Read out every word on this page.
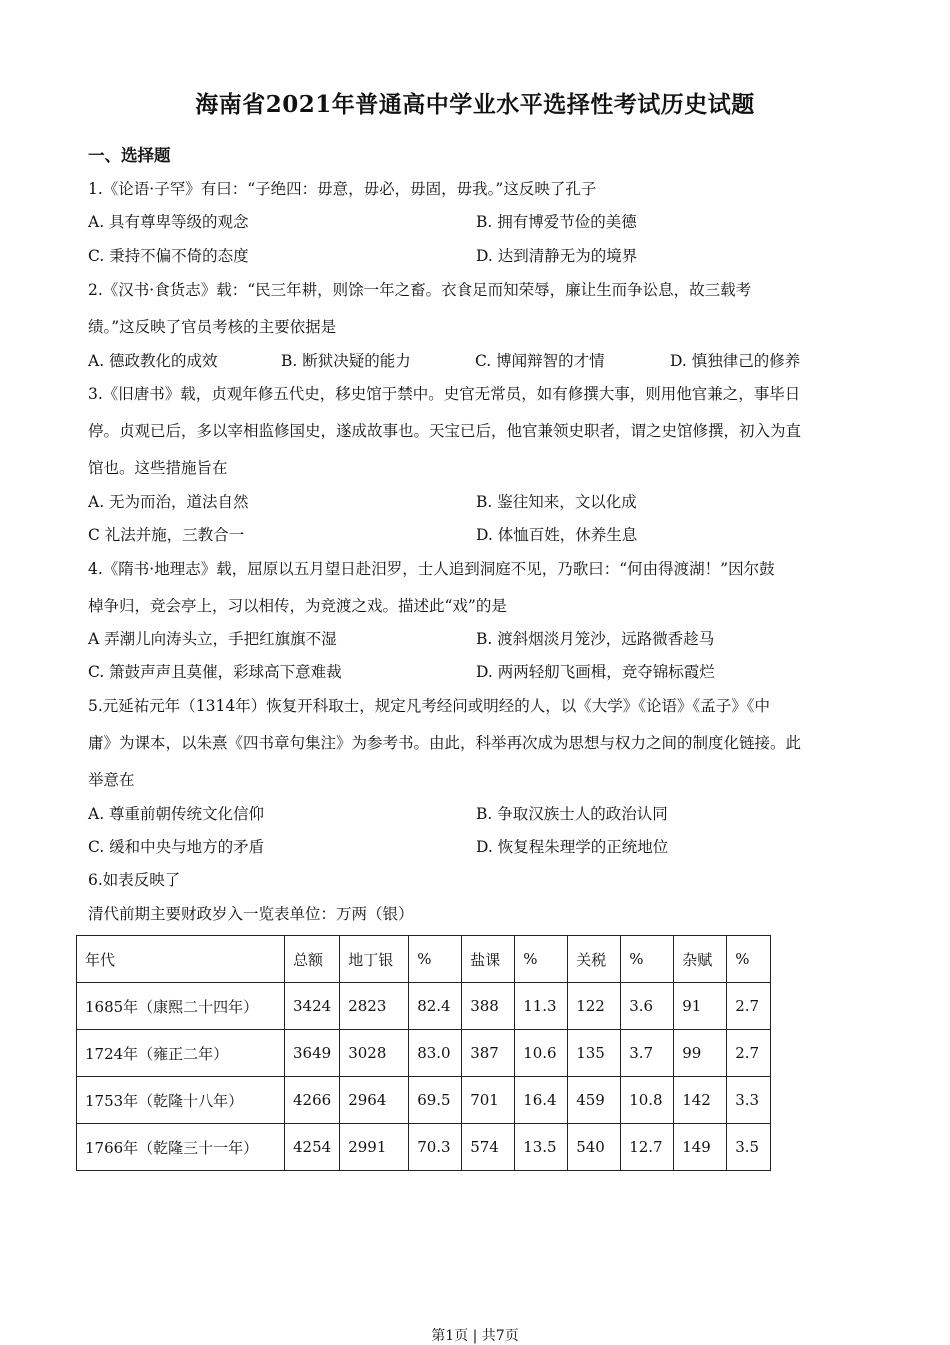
海南省2021年普通高中学业水平选择性考试历史试题
一、选择题
1.《论语·子罕》有曰：“子绝四：毋意，毋必，毋固，毋我。”这反映了孔子
A. 具有尊卑等级的观念	B. 拥有博爱节俭的美德
C. 秉持不偏不倚的态度	D. 达到清静无为的境界
2.《汉书·食货志》载：“民三年耕，则馀一年之畜。衣食足而知荣辱，廉让生而争讼息，故三载考
绩。”这反映了官员考核的主要依据是
A. 德政教化的成效	B. 断狱决疑的能力	C. 博闻辩智的才情	D. 慎独律己的修养
3.《旧唐书》载，贞观年修五代史，移史馆于禁中。史官无常员，如有修撰大事，则用他官兼之，事毕日
停。贞观已后，多以宰相监修国史，遂成故事也。天宝已后，他官兼领史职者，谓之史馆修撰，初入为直
馆也。这些措施旨在
A. 无为而治，道法自然	B. 鉴往知来，文以化成
C 礼法并施，三教合一	D. 体恤百姓，休养生息
4.《隋书·地理志》载，屈原以五月望日赴汨罗，士人追到洞庭不见，乃歌曰：“何由得渡湖！”因尔鼓
棹争归，竞会亭上，习以相传，为竞渡之戏。描述此“戏”的是
A 弄潮儿向涛头立，手把红旗旗不湿	B. 渡斜烟淡月笼沙，远路微香趁马
C. 箫鼓声声且莫催，彩球高下意难裁	D. 两两轻舠飞画楫，竞夺锦标霞烂
5.元延祐元年（1314年）恢复开科取士，规定凡考经问或明经的人，以《大学》《论语》《孟子》《中
庸》为课本，以朱熹《四书章句集注》为参考书。由此，科举再次成为思想与权力之间的制度化链接。此
举意在
A. 尊重前朝传统文化信仰	B. 争取汉族士人的政治认同
C. 缓和中央与地方的矛盾	D. 恢复程朱理学的正统地位
6.如表反映了
清代前期主要财政岁入一览表单位：万两（银）
年代	总额	地丁银	%	盐课	%	关税	%	杂赋	%
1685年（康熙二十四年）	3424	2823	82.4	388	11.3	122	3.6	91	2.7
1724年（雍正二年）	3649	3028	83.0	387	10.6	135	3.7	99	2.7
1753年（乾隆十八年）	4266	2964	69.5	701	16.4	459	10.8	142	3.3
1766年（乾隆三十一年）	4254	2991	70.3	574	13.5	540	12.7	149	3.5
第1页 | 共7页
